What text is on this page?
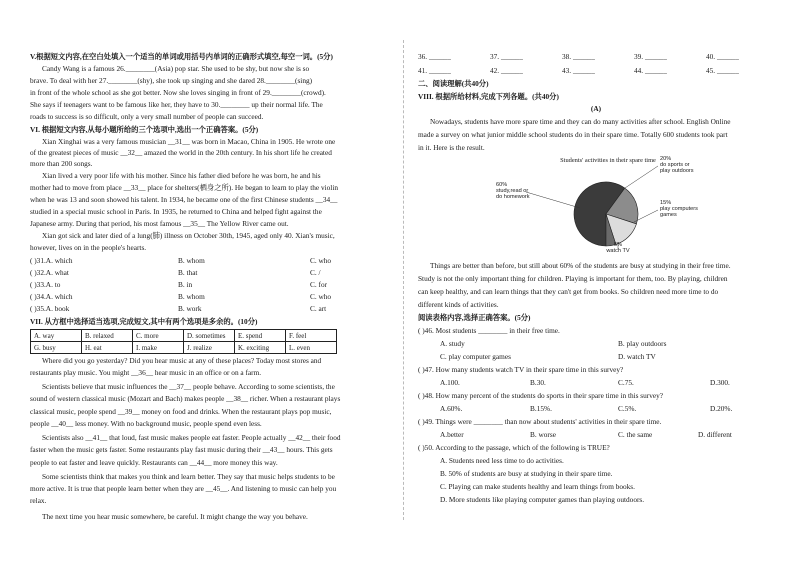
V.根据短文内容,在空白处填入一个适当的单词或用括号内单词的正确形式填空,每空一词。(5分)
Candy Wang is a famous 26.________(Asia) pop star. She used to be shy, but now she is so
brave. To deal with her 27.________(shy), she took up singing and she dared 28.________(sing)
in front of the whole school as she got better. Now she loves singing in front of 29.________(crowd).
She says if teenagers want to be famous like her, they have to 30.________ up their normal life. The
roads to success is so difficult, only a very small number of people can succeed.
VI. 根据短文内容,从每小题所给的三个选项中,选出一个正确答案。(5分)
Xian Xinghai was a very famous musician __31__ was born in Macao, China in 1905. He wrote one
of the greatest pieces of music __32__ amazed the world in the 20th century. In his short life he created
more than 200 songs.
Xian lived a very poor life with his mother. Since his father died before he was born, he and his
mother had to move from place __33__ place for shelters(栖身之所). He began to learn to play the violin
when he was 13 and soon showed his talent. In 1934, he became one of the first Chinese students __34__
studied in a special music school in Paris. In 1935, he returned to China and helped fight against the
Japanese army. During that period, his most famous __35__ The Yellow River came out.
Xian got sick and later died of a lung(肺) illness on October 30th, 1945, aged only 40. Xian's music,
however, lives on in the people's hearts.
( )31.A. which	B. whom	C. who
( )32.A. what	B. that	C. /
( )33.A. to	B. in	C. for
( )34.A. which	B. whom	C. who
( )35.A. book	B. work	C. art
VII. 从方框中选择适当选项,完成短文,其中有两个选项是多余的。(10分)
A. way	B. relaxed	C. more	D. sometimes	E. spend	F. feel
G. busy	H. eat	I. make	J. realize	K. exciting	L. even
Where did you go yesterday? Did you hear music at any of these places? Today most stores and
restaurants play music. You might __36__ hear music in an office or on a farm.
Scientists believe that music influences the __37__ people behave. According to some scientists, the
sound of western classical music (Mozart and Bach) makes people __38__ richer. When a restaurant plays
classical music, people spend __39__ money on food and drinks. When the restaurant plays pop music,
people __40__ less money. With no background music, people spend even less.
Scientists also __41__ that loud, fast music makes people eat faster. People actually __42__ their food
faster when the music gets faster. Some restaurants play fast music during their __43__ hours. This gets
people to eat faster and leave quickly. Restaurants can __44__ more money this way.
Some scientists think that makes you think and learn better. They say that music helps students to be
more active. It is true that people learn better when they are __45__. And listening to music can help you
relax.
The next time you hear music somewhere, be careful. It might change the way you behave.
36. ______	37. ______	38. ______	39. ______	40. ______
41. ______	42. ______	43. ______	44. ______	45. ______
二、阅读理解(共40分)
VIII. 根据所给材料,完成下列各题。(共40分)
(A)
Nowadays, students have more spare time and they can do many activities after school. English Online
made a survey on what junior middle school students do in their spare time. Totally 600 students took part
in it. Here is the result.
Students' activities in their spare time
60% study,read or do homework
20% do sports or play outdoors
15% play computers games
5% watch TV
Things are better than before, but still about 60% of the students are busy at studying in their free time.
Study is not the only important thing for children. Playing is important for them, too. By playing, children
can keep healthy, and can learn things that they can't get from books. So children need more time to do
different kinds of activities.
阅读表格内容,选择正确答案。(5分)
( )46. Most students ________ in their free time.
A. study	B. play outdoors
C. play computer games	D. watch TV
( )47. How many students watch TV in their spare time in this survey?
A.100.	B.30.	C.75.	D.300.
( )48. How many percent of the students do sports in their spare time in this survey?
A.60%.	B.15%.	C.5%.	D.20%.
( )49. Things were ________ than now about students' activities in their spare time.
A.better	B. worse	C. the same	D. different
( )50. According to the passage, which of the following is TRUE?
A. Students need less time to do activities.
B. 50% of students are busy at studying in their spare time.
C. Playing can make students healthy and learn things from books.
D. More students like playing computer games than playing outdoors.
